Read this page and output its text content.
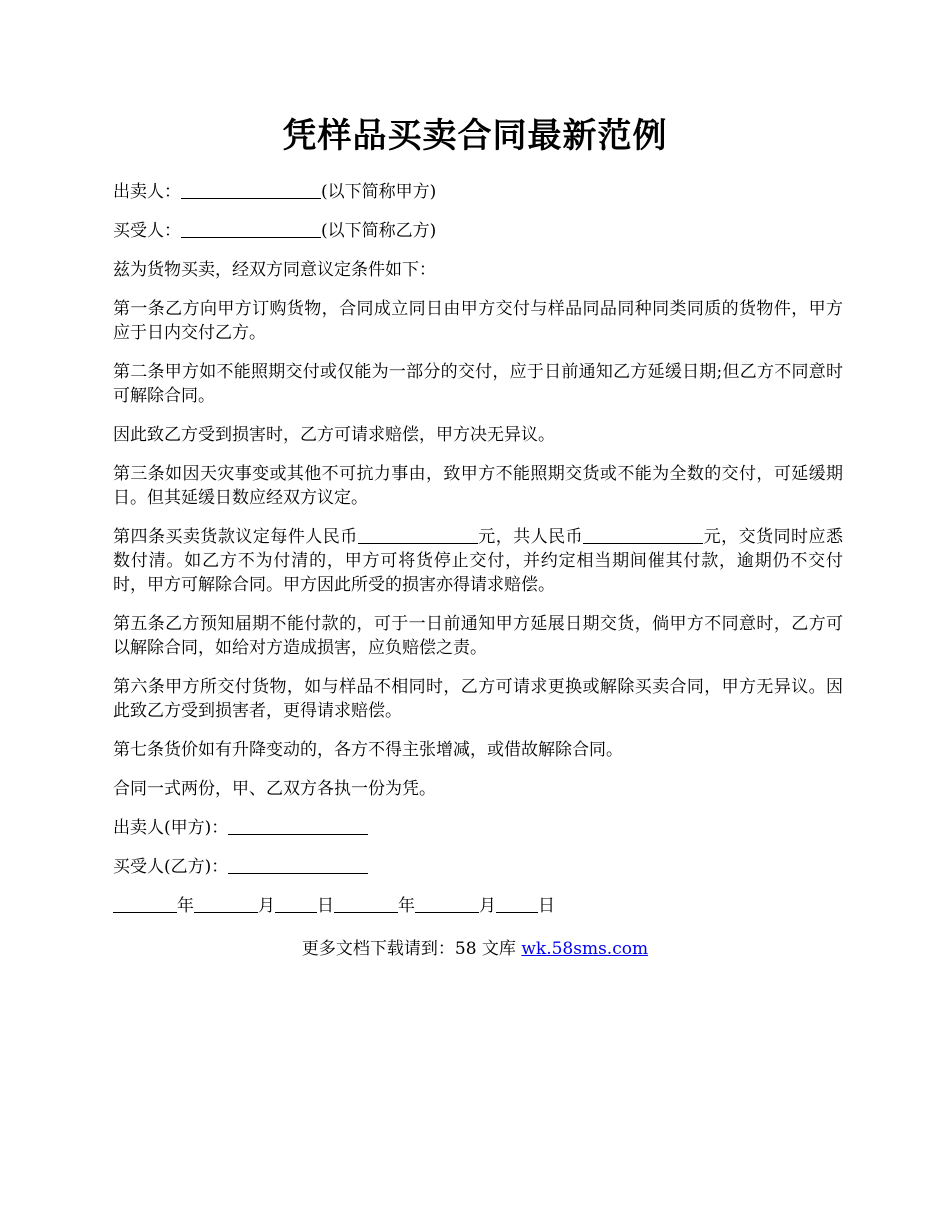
凭样品买卖合同最新范例

出卖人：	(以下简称甲方)

买受人：	(以下简称乙方)

兹为货物买卖，经双方同意议定条件如下：

第一条乙方向甲方订购货物，合同成立同日由甲方交付与样品同品同种同类同质的货物件，甲方应于日内交付乙方。

第二条甲方如不能照期交付或仅能为一部分的交付，应于日前通知乙方延缓日期;但乙方不同意时可解除合同。

因此致乙方受到损害时，乙方可请求赔偿，甲方决无异议。

第三条如因天灾事变或其他不可抗力事由，致甲方不能照期交货或不能为全数的交付，可延缓期日。但其延缓日数应经双方议定。

第四条买卖货款议定每件人民币	元，共人民币	元，交货同时应悉数付清。如乙方不为付清的，甲方可将货停止交付，并约定相当期间催其付款，逾期仍不交付时，甲方可解除合同。甲方因此所受的损害亦得请求赔偿。

第五条乙方预知届期不能付款的，可于一日前通知甲方延展日期交货，倘甲方不同意时，乙方可以解除合同，如给对方造成损害，应负赔偿之责。

第六条甲方所交付货物，如与样品不相同时，乙方可请求更换或解除买卖合同，甲方无异议。因此致乙方受到损害者，更得请求赔偿。

第七条货价如有升降变动的，各方不得主张增减，或借故解除合同。

合同一式两份，甲、乙双方各执一份为凭。

出卖人(甲方)：

买受人(乙方)：

年	月 日	年	月 日

更多文档下载请到：58 文库 wk.58sms.com
